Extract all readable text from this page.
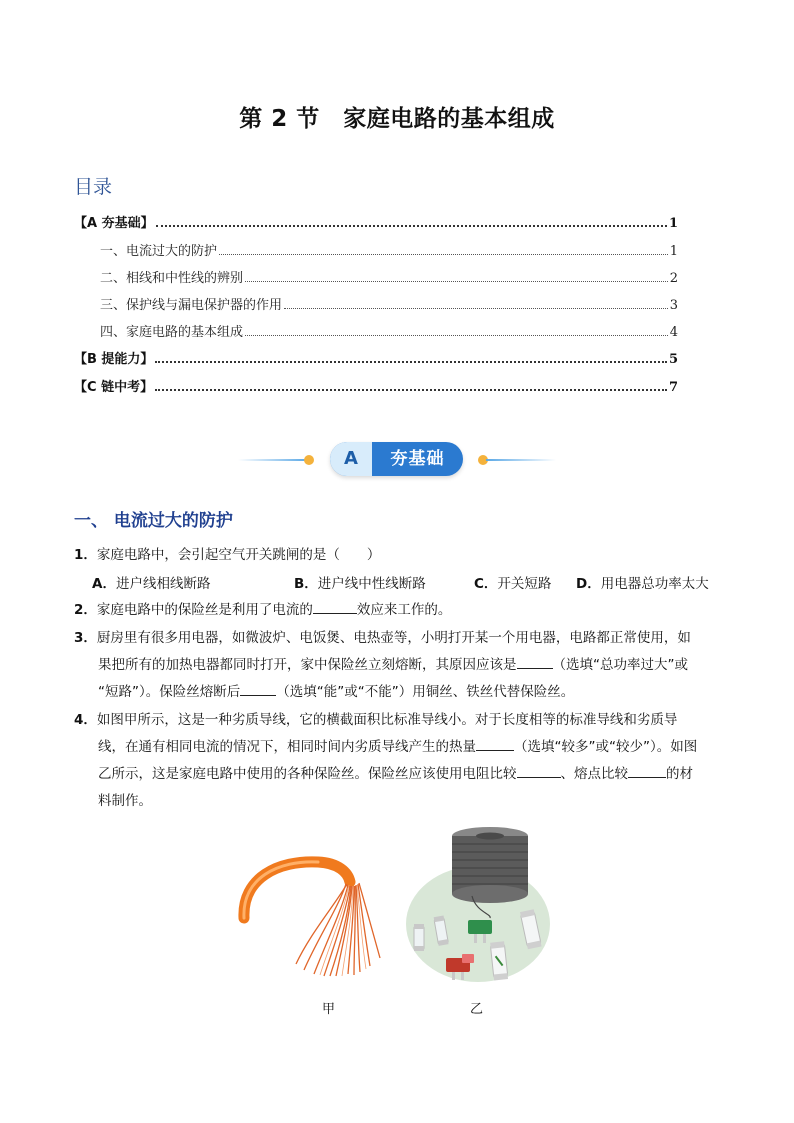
第 2 节　家庭电路的基本组成
目录
【A 夯基础】	1
一、电流过大的防护	1
二、相线和中性线的辨别	2
三、保护线与漏电保护器的作用	3
四、家庭电路的基本组成	4
【B 提能力】	5
【C 链中考】	7
A	夯基础
一、 电流过大的防护
1．家庭电路中，会引起空气开关跳闸的是（　　）
A．进户线相线断路	B．进户线中性线断路	C．开关短路 D．用电器总功率太大
2．家庭电路中的保险丝是利用了电流的	效应来工作的。
3．厨房里有很多用电器，如微波炉、电饭煲、电热壶等，小明打开某一个用电器，电路都正常使用，如
果把所有的加热电器都同时打开，家中保险丝立刻熔断，其原因应该是	（选填“总功率过大”或
“短路”）。保险丝熔断后	（选填“能”或“不能”）用铜丝、铁丝代替保险丝。
4．如图甲所示，这是一种劣质导线，它的横截面积比标准导线小。对于长度相等的标准导线和劣质导
线，在通有相同电流的情况下，相同时间内劣质导线产生的热量	（选填“较多”或“较少”）。如图
乙所示，这是家庭电路中使用的各种保险丝。保险丝应该使用电阻比较	、熔点比较	的材
料制作。
甲	乙
